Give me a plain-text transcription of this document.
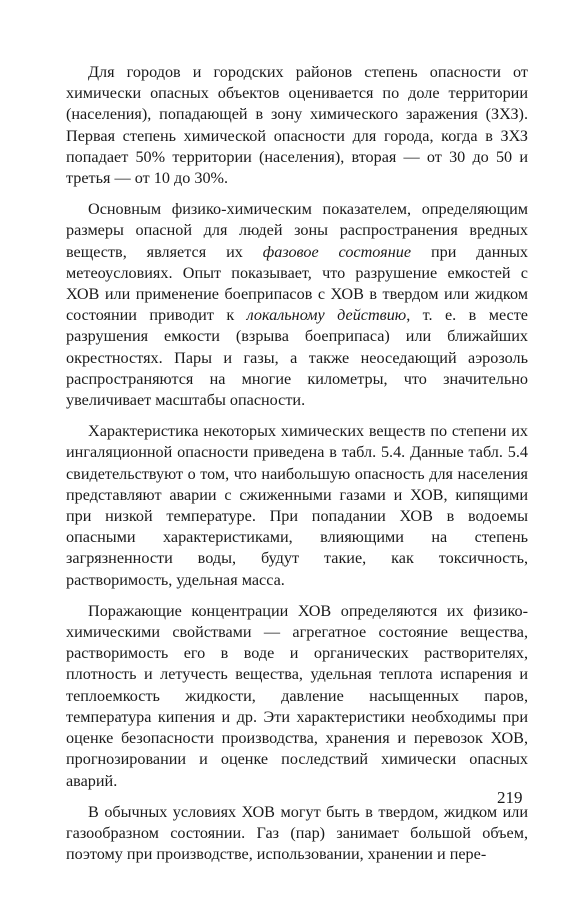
Для городов и городских районов степень опасности от химически опасных объектов оценивается по доле территории (населения), попадающей в зону химического заражения (ЗХЗ). Первая степень химической опасности для города, когда в ЗХЗ попадает 50% территории (населения), вторая — от 30 до 50 и третья — от 10 до 30%.

Основным физико-химическим показателем, определяющим размеры опасной для людей зоны распространения вредных веществ, является их фазовое состояние при данных метеоусловиях. Опыт показывает, что разрушение емкостей с ХОВ или применение боеприпасов с ХОВ в твердом или жидком состоянии приводит к локальному действию, т. е. в месте разрушения емкости (взрыва боеприпаса) или ближайших окрестностях. Пары и газы, а также неоседающий аэрозоль распространяются на многие километры, что значительно увеличивает масштабы опасности.

Характеристика некоторых химических веществ по степени их ингаляционной опасности приведена в табл. 5.4. Данные табл. 5.4 свидетельствуют о том, что наибольшую опасность для населения представляют аварии с сжиженными газами и ХОВ, кипящими при низкой температуре. При попадании ХОВ в водоемы опасными характеристиками, влияющими на степень загрязненности воды, будут такие, как токсичность, растворимость, удельная масса.

Поражающие концентрации ХОВ определяются их физико-химическими свойствами — агрегатное состояние вещества, растворимость его в воде и органических растворителях, плотность и летучесть вещества, удельная теплота испарения и теплоемкость жидкости, давление насыщенных паров, температура кипения и др. Эти характеристики необходимы при оценке безопасности производства, хранения и перевозок ХОВ, прогнозировании и оценке последствий химически опасных аварий.

В обычных условиях ХОВ могут быть в твердом, жидком или газообразном состоянии. Газ (пар) занимает большой объем, поэтому при производстве, использовании, хранении и пере-

219
